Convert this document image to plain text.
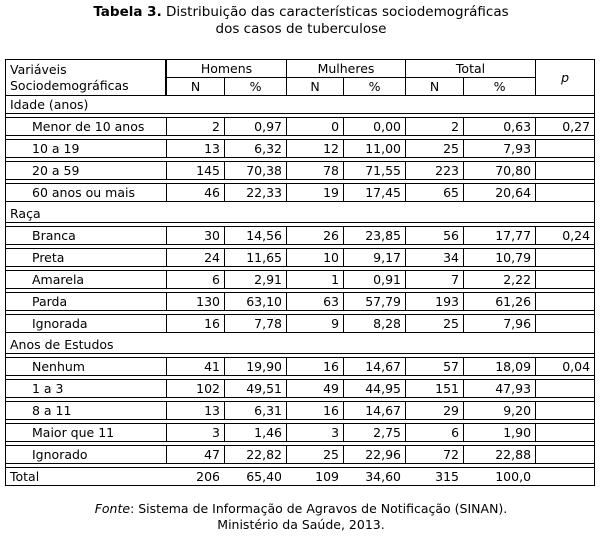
Tabela 3. Distribuição das características sociodemográficas
dos casos de tuberculose
Variáveis
Sociodemográficas	Homens		Mulheres		Total		p
	N	%	N	%	N	%	
Idade (anos)							

Menor de 10 anos	2	0,97	0	0,00	2	0,63	0,27

10 a 19	13	6,32	12	11,00	25	7,93	

20 a 59	145	70,38	78	71,55	223	70,80	

60 anos ou mais	46	22,33	19	17,45	65	20,64	

Raça							

Branca	30	14,56	26	23,85	56	17,77	0,24

Preta	24	11,65	10	9,17	34	10,79	

Amarela	6	2,91	1	0,91	7	2,22	

Parda	130	63,10	63	57,79	193	61,26	

Ignorada	16	7,78	9	8,28	25	7,96	

Anos de Estudos							

Nenhum	41	19,90	16	14,67	57	18,09	0,04

1 a 3	102	49,51	49	44,95	151	47,93	

8 a 11	13	6,31	16	14,67	29	9,20	

Maior que 11	3	1,46	3	2,75	6	1,90	

Ignorado	47	22,82	25	22,96	72	22,88	

Total	206	65,40	109	34,60	315	100,0	
Fonte: Sistema de Informação de Agravos de Notificação (SINAN).
Ministério da Saúde, 2013.
